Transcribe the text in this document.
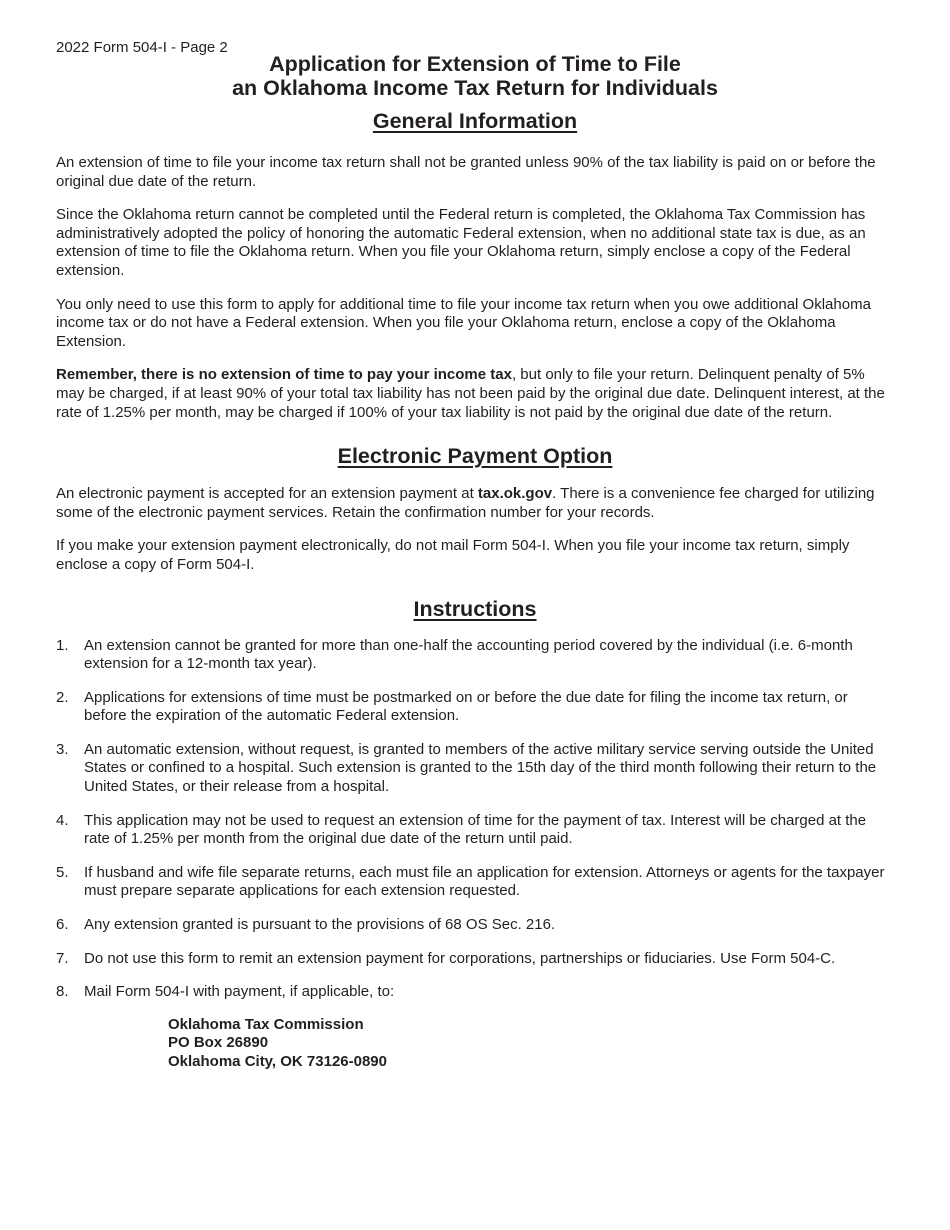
2022 Form 504-I - Page 2
Application for Extension of Time to File
an Oklahoma Income Tax Return for Individuals
General Information

An extension of time to file your income tax return shall not be granted unless 90% of the tax liability is paid on or before the original due date of the return.

Since the Oklahoma return cannot be completed until the Federal return is completed, the Oklahoma Tax Commission has administratively adopted the policy of honoring the automatic Federal extension, when no additional state tax is due, as an extension of time to file the Oklahoma return. When you file your Oklahoma return, simply enclose a copy of the Federal extension.

You only need to use this form to apply for additional time to file your income tax return when you owe additional Oklahoma income tax or do not have a Federal extension. When you file your Oklahoma return, enclose a copy of the Oklahoma Extension.

Remember, there is no extension of time to pay your income tax, but only to file your return. Delinquent penalty of 5% may be charged, if at least 90% of your total tax liability has not been paid by the original due date. Delinquent interest, at the rate of 1.25% per month, may be charged if 100% of your tax liability is not paid by the original due date of the return.

Electronic Payment Option

An electronic payment is accepted for an extension payment at tax.ok.gov. There is a convenience fee charged for utilizing some of the electronic payment services. Retain the confirmation number for your records.

If you make your extension payment electronically, do not mail Form 504-I. When you file your income tax return, simply enclose a copy of Form 504-I.

Instructions
1. An extension cannot be granted for more than one-half the accounting period covered by the individual (i.e. 6-month extension for a 12-month tax year).
2. Applications for extensions of time must be postmarked on or before the due date for filing the income tax return, or before the expiration of the automatic Federal extension.
3. An automatic extension, without request, is granted to members of the active military service serving outside the United States or confined to a hospital. Such extension is granted to the 15th day of the third month following their return to the United States, or their release from a hospital.
4. This application may not be used to request an extension of time for the payment of tax. Interest will be charged at the rate of 1.25% per month from the original due date of the return until paid.
5. If husband and wife file separate returns, each must file an application for extension. Attorneys or agents for the taxpayer must prepare separate applications for each extension requested.
6. Any extension granted is pursuant to the provisions of 68 OS Sec. 216.
7. Do not use this form to remit an extension payment for corporations, partnerships or fiduciaries. Use Form 504-C.
8. Mail Form 504-I with payment, if applicable, to:
Oklahoma Tax Commission
PO Box 26890
Oklahoma City, OK 73126-0890
